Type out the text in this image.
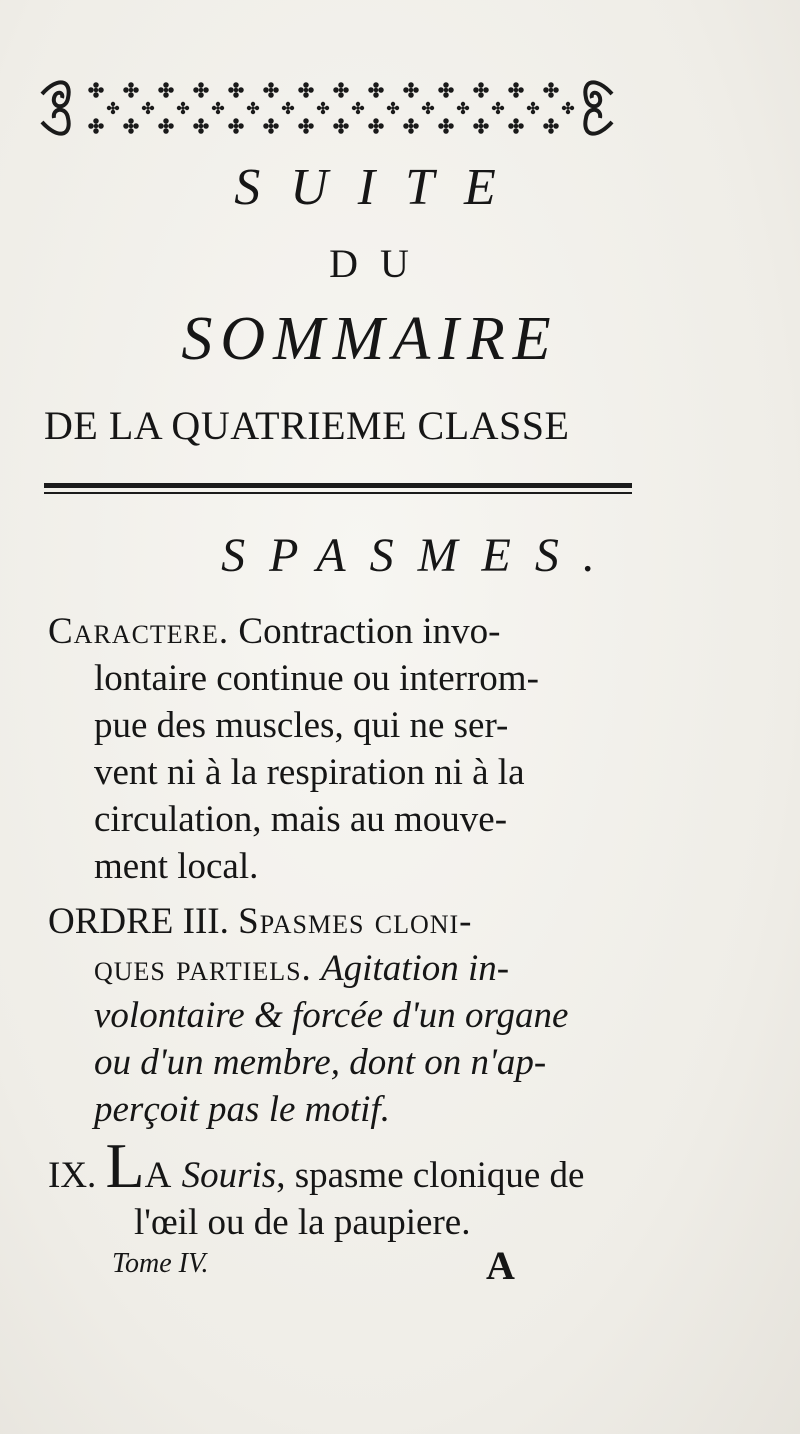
SUITE
DU
SOMMAIRE
DE LA QUATRIEME CLASSE
SPASMES.
Caractere. Contraction invo-
lontaire continue ou interrom-
pue des muscles, qui ne ser-
vent ni à la respiration ni à la
circulation, mais au mouve-
ment local.
ORDRE III. Spasmes cloni-
ques partiels. Agitation in-
volontaire & forcée d'un organe
ou d'un membre, dont on n'ap-
perçoit pas le motif.
IX. LA Souris, spasme clonique de
l'œil ou de la paupiere.
Tome IV.	A
